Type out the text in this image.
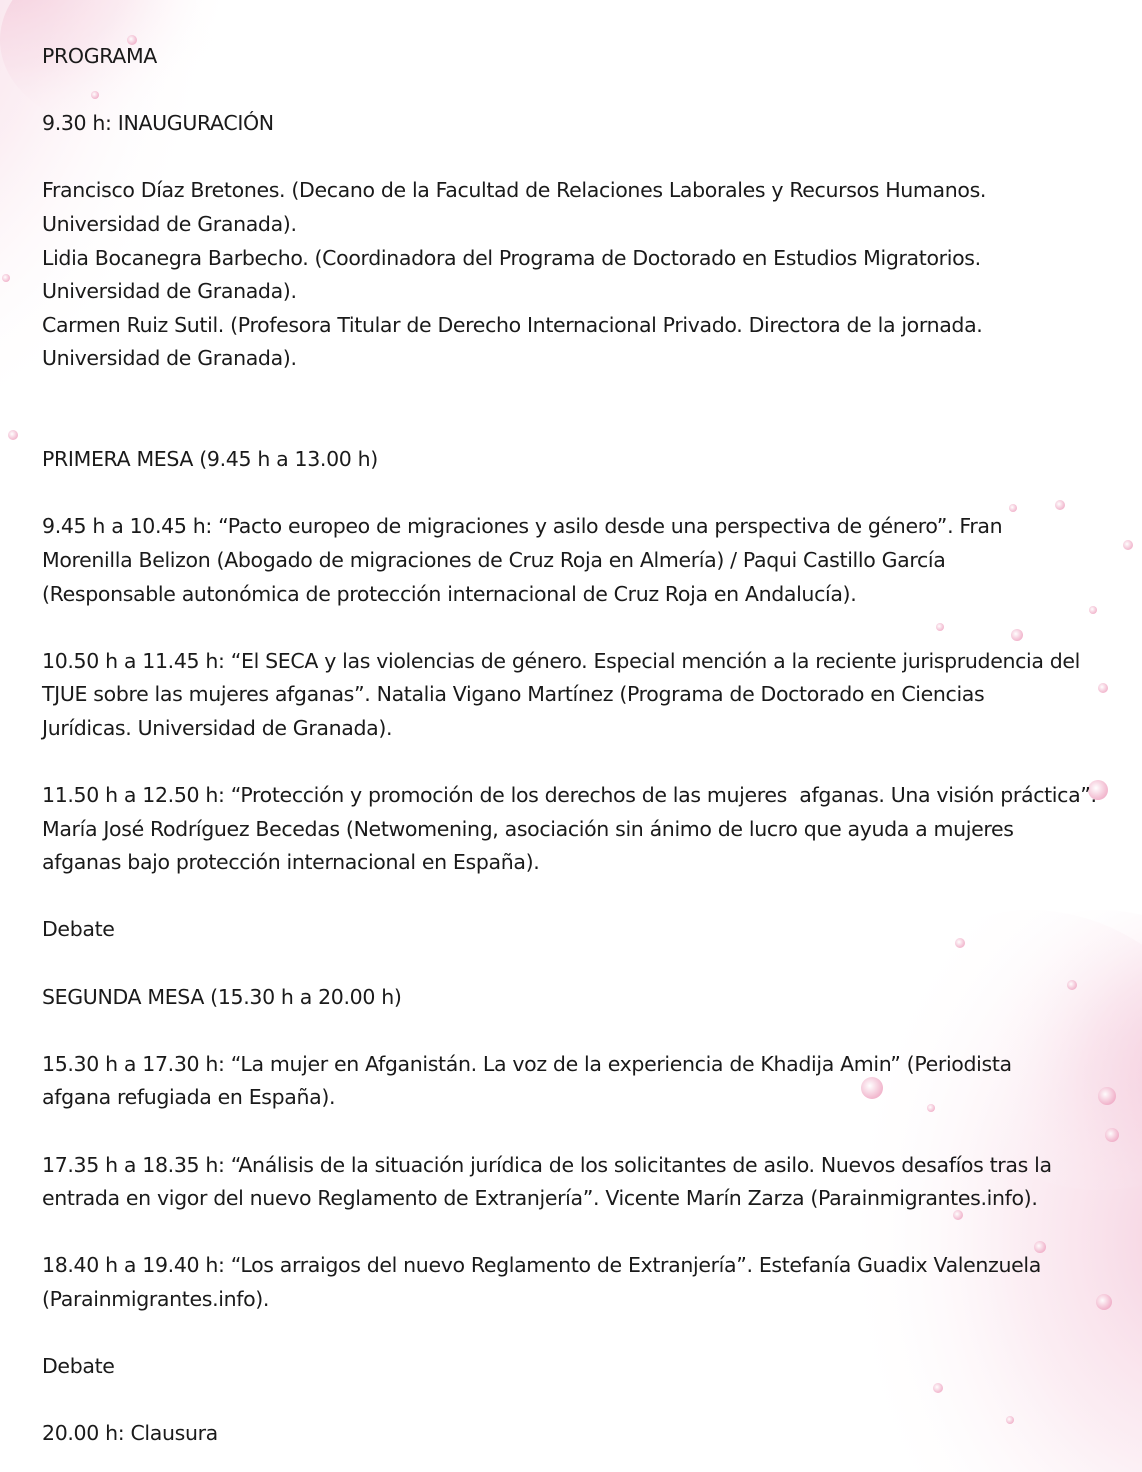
PROGRAMA

9.30 h: INAUGURACIÓN

Francisco Díaz Bretones. (Decano de la Facultad de Relaciones Laborales y Recursos Humanos.

Universidad de Granada).

Lidia Bocanegra Barbecho. (Coordinadora del Programa de Doctorado en Estudios Migratorios.

Universidad de Granada).

Carmen Ruiz Sutil. (Profesora Titular de Derecho Internacional Privado. Directora de la jornada.

Universidad de Granada).

PRIMERA MESA (9.45 h a 13.00 h)

9.45 h a 10.45 h: “Pacto europeo de migraciones y asilo desde una perspectiva de género”. Fran

Morenilla Belizon (Abogado de migraciones de Cruz Roja en Almería) / Paqui Castillo García

(Responsable autonómica de protección internacional de Cruz Roja en Andalucía).

10.50 h a 11.45 h: “El SECA y las violencias de género. Especial mención a la reciente jurisprudencia del

TJUE sobre las mujeres afganas”. Natalia Vigano Martínez (Programa de Doctorado en Ciencias

Jurídicas. Universidad de Granada).

11.50 h a 12.50 h: “Protección y promoción de los derechos de las mujeres  afganas. Una visión práctica”.

María José Rodríguez Becedas (Netwomening, asociación sin ánimo de lucro que ayuda a mujeres

afganas bajo protección internacional en España).

Debate

SEGUNDA MESA (15.30 h a 20.00 h)

15.30 h a 17.30 h: “La mujer en Afganistán. La voz de la experiencia de Khadija Amin” (Periodista

afgana refugiada en España).

17.35 h a 18.35 h: “Análisis de la situación jurídica de los solicitantes de asilo. Nuevos desafíos tras la

entrada en vigor del nuevo Reglamento de Extranjería”. Vicente Marín Zarza (Parainmigrantes.info).

18.40 h a 19.40 h: “Los arraigos del nuevo Reglamento de Extranjería”. Estefanía Guadix Valenzuela

(Parainmigrantes.info).

Debate

20.00 h: Clausura
